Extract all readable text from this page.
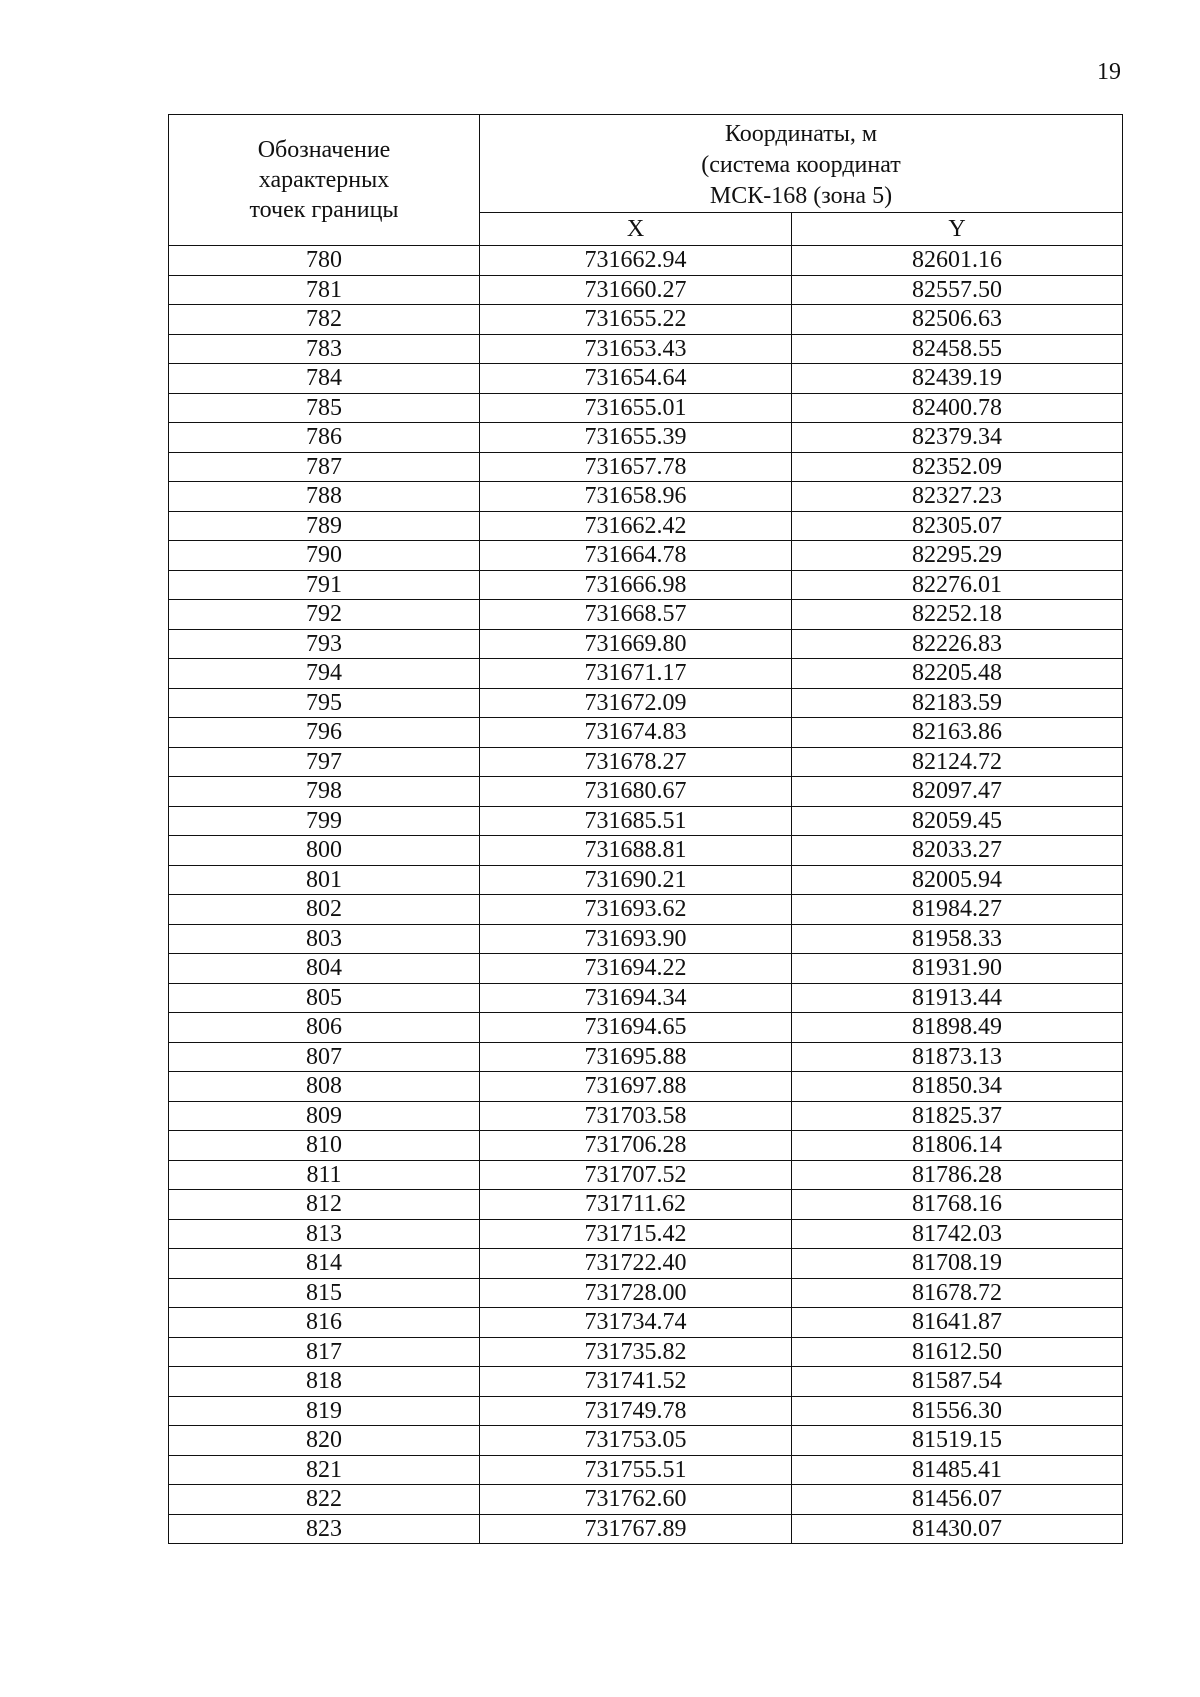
19
Обозначение
характерных
точек границы	Координаты, м
(система координат
МСК-168 (зона 5)	

	X	Y
780	731662.94	82601.16
781	731660.27	82557.50
782	731655.22	82506.63
783	731653.43	82458.55
784	731654.64	82439.19
785	731655.01	82400.78
786	731655.39	82379.34
787	731657.78	82352.09
788	731658.96	82327.23
789	731662.42	82305.07
790	731664.78	82295.29
791	731666.98	82276.01
792	731668.57	82252.18
793	731669.80	82226.83
794	731671.17	82205.48
795	731672.09	82183.59
796	731674.83	82163.86
797	731678.27	82124.72
798	731680.67	82097.47
799	731685.51	82059.45
800	731688.81	82033.27
801	731690.21	82005.94
802	731693.62	81984.27
803	731693.90	81958.33
804	731694.22	81931.90
805	731694.34	81913.44
806	731694.65	81898.49
807	731695.88	81873.13
808	731697.88	81850.34
809	731703.58	81825.37
810	731706.28	81806.14
811	731707.52	81786.28
812	731711.62	81768.16
813	731715.42	81742.03
814	731722.40	81708.19
815	731728.00	81678.72
816	731734.74	81641.87
817	731735.82	81612.50
818	731741.52	81587.54
819	731749.78	81556.30
820	731753.05	81519.15
821	731755.51	81485.41
822	731762.60	81456.07
823	731767.89	81430.07
